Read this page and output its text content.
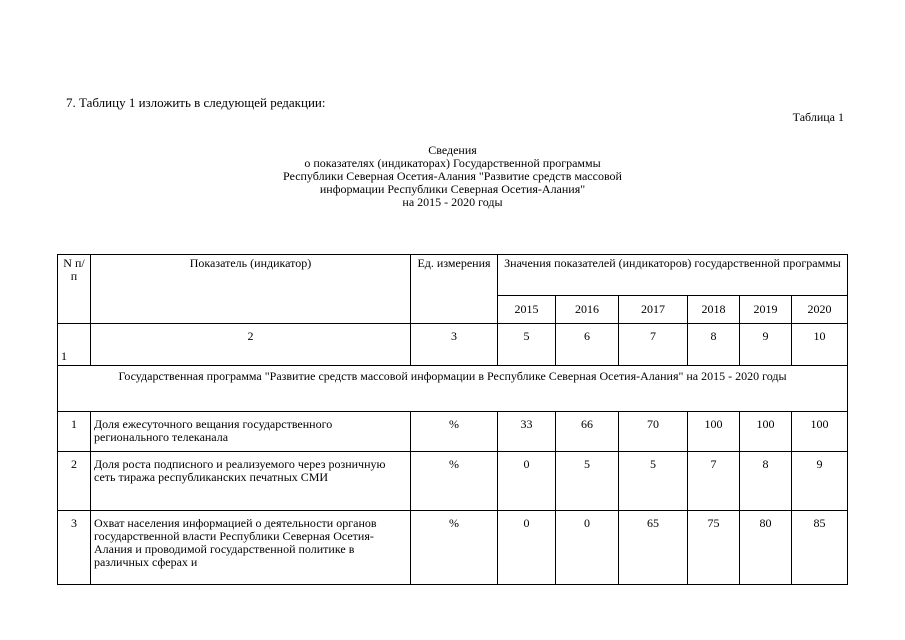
7. Таблицу 1 изложить в следующей редакции:
Таблица 1
Сведения
о показателях (индикаторах) Государственной программы
Республики Северная Осетия-Алания "Развитие средств массовой
информации Республики Северная Осетия-Алания"
на 2015 - 2020 годы
N п/п	Показатель (индикатор)	Ед. измерения	Значения показателей (индикаторов) государственной программы					
			2015	2016	2017	2018	2019	2020
1	2	3	5	6	7	8	9	10
Государственная программа "Развитие средств массовой информации в Республике Северная Осетия-Алания" на 2015 - 2020 годы								
1	Доля ежесуточного вещания государственного регионального телеканала	%	33	66	70	100	100	100
2	Доля роста подписного и реализуемого через розничную сеть тиража республиканских печатных СМИ	%	0	5	5	7	8	9
3	Охват населения информацией о деятельности органов государственной власти Республики Северная Осетия-Алания и проводимой государственной политике в различных сферах и	%	0	0	65	75	80	85
